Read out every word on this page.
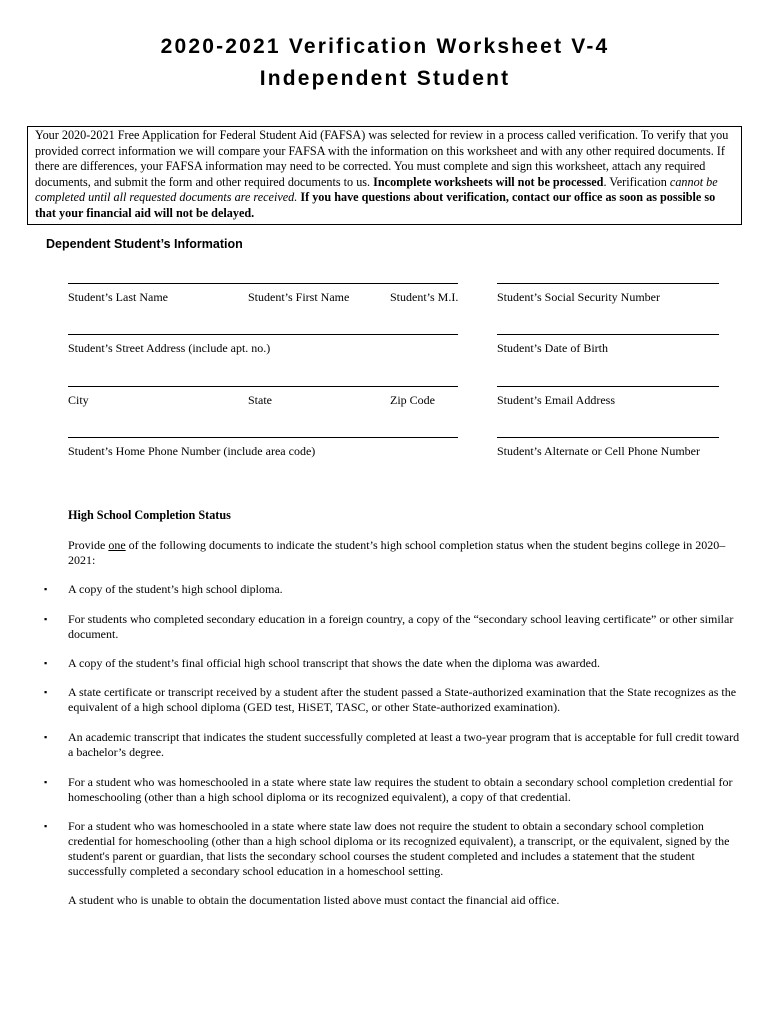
2020-2021 Verification Worksheet V-4
Independent Student
Your 2020-2021 Free Application for Federal Student Aid (FAFSA) was selected for review in a process called verification. To verify that you provided correct information we will compare your FAFSA with the information on this worksheet and with any other required documents. If there are differences, your FAFSA information may need to be corrected. You must complete and sign this worksheet, attach any required documents, and submit the form and other required documents to us. Incomplete worksheets will not be processed. Verification cannot be completed until all requested documents are received. If you have questions about verification, contact our office as soon as possible so that your financial aid will not be delayed.
Dependent Student’s Information
Student’s Last Name	Student’s First Name	Student’s M.I.	Student’s Social Security Number
Student’s Street Address (include apt. no.)	Student’s Date of Birth
City	State	Zip Code	Student’s Email Address
Student’s Home Phone Number (include area code)	Student’s Alternate or Cell Phone Number
High School Completion Status
Provide one of the following documents to indicate the student’s high school completion status when the student begins college in 2020–2021:
▪ A copy of the student’s high school diploma.
▪ For students who completed secondary education in a foreign country, a copy of the “secondary school leaving certificate” or other similar document.
▪ A copy of the student’s final official high school transcript that shows the date when the diploma was awarded.
▪ A state certificate or transcript received by a student after the student passed a State-authorized examination that the State recognizes as the equivalent of a high school diploma (GED test, HiSET, TASC, or other State-authorized examination).
▪ An academic transcript that indicates the student successfully completed at least a two-year program that is acceptable for full credit toward a bachelor’s degree.
▪ For a student who was homeschooled in a state where state law requires the student to obtain a secondary school completion credential for homeschooling (other than a high school diploma or its recognized equivalent), a copy of that credential.
▪ For a student who was homeschooled in a state where state law does not require the student to obtain a secondary school completion credential for homeschooling (other than a high school diploma or its recognized equivalent), a transcript, or the equivalent, signed by the student's parent or guardian, that lists the secondary school courses the student completed and includes a statement that the student successfully completed a secondary school education in a homeschool setting.
A student who is unable to obtain the documentation listed above must contact the financial aid office.
